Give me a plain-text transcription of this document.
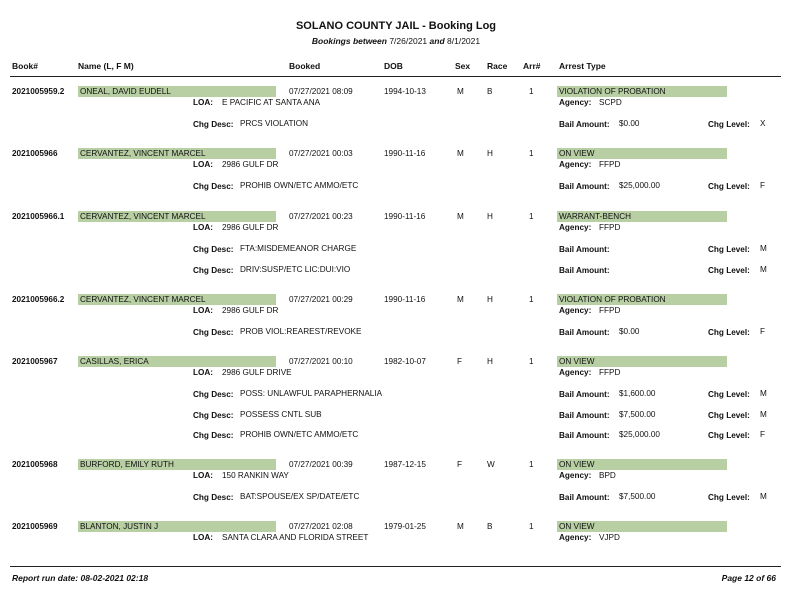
SOLANO COUNTY JAIL - Booking Log
Bookings between 7/26/2021 and 8/1/2021
Book#	Name (L, F M)	Booked	DOB	Sex Race Arr# Arrest Type
2021005959.2 ONEAL, DAVID EUDELL	07/27/2021 08:09	1994-10-13	M	B	1	VIOLATION OF PROBATION
LOA: E PACIFIC AT SANTA ANA	Agency: SCPD
Chg Desc: PRCS VIOLATION	Bail Amount: $0.00	Chg Level: X
2021005966	CERVANTEZ, VINCENT MARCEL	07/27/2021 00:03	1990-11-16	M	H	1	ON VIEW
LOA: 2986 GULF DR	Agency: FFPD
Chg Desc: PROHIB OWN/ETC AMMO/ETC	Bail Amount: $25,000.00	Chg Level: F
2021005966.1 CERVANTEZ, VINCENT MARCEL	07/27/2021 00:23	1990-11-16	M	H	1	WARRANT-BENCH
LOA: 2986 GULF DR	Agency: FFPD
Chg Desc: FTA:MISDEMEANOR CHARGE	Bail Amount:	Chg Level: M
Chg Desc: DRIV:SUSP/ETC LIC:DUI:VIO	Bail Amount:	Chg Level: M
2021005966.2 CERVANTEZ, VINCENT MARCEL	07/27/2021 00:29	1990-11-16	M	H	1	VIOLATION OF PROBATION
LOA: 2986 GULF DR	Agency: FFPD
Chg Desc: PROB VIOL:REAREST/REVOKE	Bail Amount: $0.00	Chg Level: F
2021005967	CASILLAS, ERICA	07/27/2021 00:10	1982-10-07	F	H	1	ON VIEW
LOA: 2986 GULF DRIVE	Agency: FFPD
Chg Desc: POSS: UNLAWFUL PARAPHERNALIA	Bail Amount: $1,600.00	Chg Level: M
Chg Desc: POSSESS CNTL SUB	Bail Amount: $7,500.00	Chg Level: M
Chg Desc: PROHIB OWN/ETC AMMO/ETC	Bail Amount: $25,000.00	Chg Level: F
2021005968	BURFORD, EMILY RUTH	07/27/2021 00:39	1987-12-15	F	W	1	ON VIEW
LOA: 150 RANKIN WAY	Agency: BPD
Chg Desc: BAT:SPOUSE/EX SP/DATE/ETC	Bail Amount: $7,500.00	Chg Level: M
2021005969	BLANTON, JUSTIN J	07/27/2021 02:08	1979-01-25	M	B	1	ON VIEW
LOA: SANTA CLARA AND FLORIDA STREET	Agency: VJPD
Report run date: 08-02-2021 02:18	Page 12 of 66
